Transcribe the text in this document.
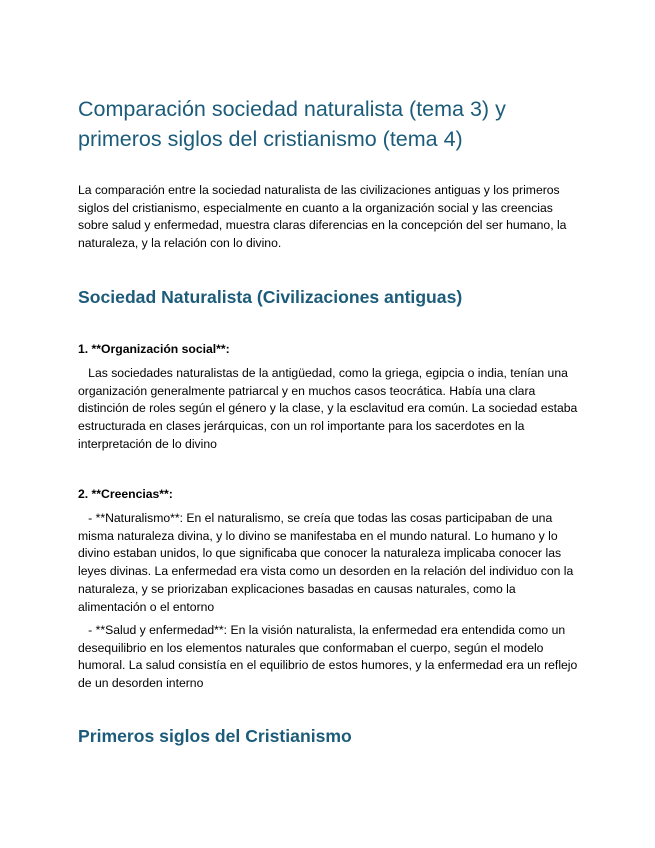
Comparación sociedad naturalista (tema 3) y primeros siglos del cristianismo (tema 4)

La comparación entre la sociedad naturalista de las civilizaciones antiguas y los primeros siglos del cristianismo, especialmente en cuanto a la organización social y las creencias sobre salud y enfermedad, muestra claras diferencias en la concepción del ser humano, la naturaleza, y la relación con lo divino.

Sociedad Naturalista (Civilizaciones antiguas)
1. **Organización social**:

Las sociedades naturalistas de la antigüedad, como la griega, egipcia o india, tenían una organización generalmente patriarcal y en muchos casos teocrática. Había una clara distinción de roles según el género y la clase, y la esclavitud era común. La sociedad estaba estructurada en clases jerárquicas, con un rol importante para los sacerdotes en la interpretación de lo divino

2. **Creencias**:

- **Naturalismo**: En el naturalismo, se creía que todas las cosas participaban de una misma naturaleza divina, y lo divino se manifestaba en el mundo natural. Lo humano y lo divino estaban unidos, lo que significaba que conocer la naturaleza implicaba conocer las leyes divinas. La enfermedad era vista como un desorden en la relación del individuo con la naturaleza, y se priorizaban explicaciones basadas en causas naturales, como la alimentación o el entorno

- **Salud y enfermedad**: En la visión naturalista, la enfermedad era entendida como un desequilibrio en los elementos naturales que conformaban el cuerpo, según el modelo humoral. La salud consistía en el equilibrio de estos humores, y la enfermedad era un reflejo de un desorden interno

Primeros siglos del Cristianismo
